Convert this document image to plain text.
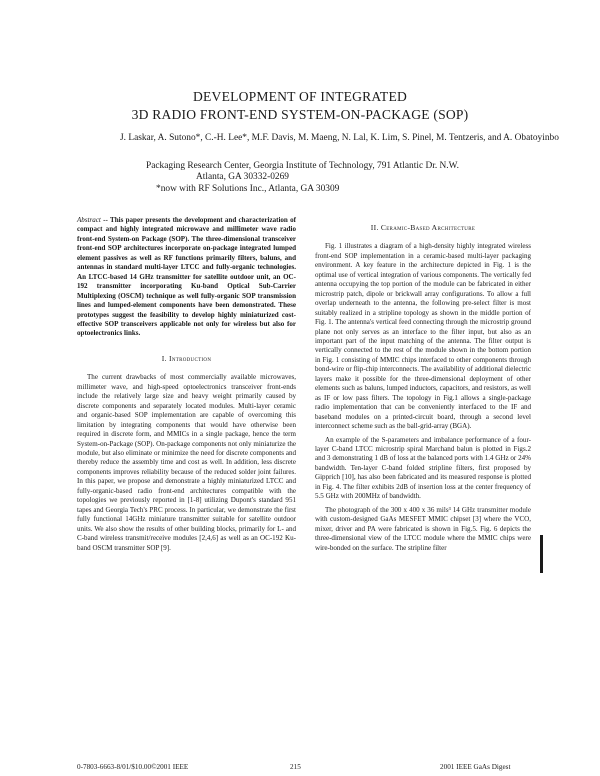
DEVELOPMENT OF INTEGRATED
3D RADIO FRONT-END SYSTEM-ON-PACKAGE (SOP)
J. Laskar, A. Sutono*, C.-H. Lee*, M.F. Davis, M. Maeng, N. Lal, K. Lim, S. Pinel, M. Tentzeris, and A. Obatoyinbo
Packaging Research Center, Georgia Institute of Technology, 791 Atlantic Dr. N.W.
Atlanta, GA 30332-0269
*now with RF Solutions Inc., Atlanta, GA 30309

Abstract -- This paper presents the development and characterization of compact and highly integrated microwave and millimeter wave radio front-end System-on Package (SOP). The three-dimensional transceiver front-end SOP architectures incorporate on-package integrated lumped element passives as well as RF functions primarily filters, baluns, and antennas in standard multi-layer LTCC and fully-organic technologies. An LTCC-based 14 GHz transmitter for satellite outdoor unit, an OC-192 transmitter incorporating Ku-band Optical Sub-Carrier Multiplexing (OSCM) technique as well fully-organic SOP transmission lines and lumped-element components have been demonstrated. These prototypes suggest the feasibility to develop highly miniaturized cost-effective SOP transceivers applicable not only for wireless but also for optoelectronics links.

I. Introduction

The current drawbacks of most commercially available microwaves, millimeter wave, and high-speed optoelectronics transceiver front-ends include the relatively large size and heavy weight primarily caused by discrete components and separately located modules. Multi-layer ceramic and organic-based SOP implementation are capable of overcoming this limitation by integrating components that would have otherwise been required in discrete form, and MMICs in a single package, hence the term System-on-Package (SOP). On-package components not only miniaturize the module, but also eliminate or minimize the need for discrete components and thereby reduce the assembly time and cost as well. In addition, less discrete components improves reliability because of the reduced solder joint failures. In this paper, we propose and demonstrate a highly miniaturized LTCC and fully-organic-based radio front-end architectures compatible with the topologies we previously reported in [1-8] utilizing Dupont's standard 951 tapes and Georgia Tech's PRC process. In particular, we demonstrate the first fully functional 14GHz miniature transmitter suitable for satellite outdoor units. We also show the results of other building blocks, primarily for L- and C-band wireless transmit/receive modules [2,4,6] as well as an OC-192 Ku-band OSCM transmitter SOP [9].

II. Ceramic-Based Architecture

Fig. 1 illustrates a diagram of a high-density highly integrated wireless front-end SOP implementation in a ceramic-based multi-layer packaging environment. A key feature in the architecture depicted in Fig. 1 is the optimal use of vertical integration of various components. The vertically fed antenna occupying the top portion of the module can be fabricated in either microstrip patch, dipole or brickwall array configurations. To allow a full overlap underneath to the antenna, the following pre-select filter is most suitably realized in a stripline topology as shown in the middle portion of Fig. 1. The antenna's vertical feed connecting through the microstrip ground plane not only serves as an interface to the filter input, but also as an important part of the input matching of the antenna. The filter output is vertically connected to the rest of the module shown in the bottom portion in Fig. 1 consisting of MMIC chips interfaced to other components through bond-wire or flip-chip interconnects. The availability of additional dielectric layers make it possible for the three-dimensional deployment of other elements such as baluns, lumped inductors, capacitors, and resistors, as well as IF or low pass filters. The topology in Fig.1 allows a single-package radio implementation that can be conveniently interfaced to the IF and baseband modules on a printed-circuit board, through a second level interconnect scheme such as the ball-grid-array (BGA).

An example of the S-parameters and imbalance performance of a four-layer C-band LTCC microstrip spiral Marchand balun is plotted in Figs.2 and 3 demonstrating 1 dB of loss at the balanced ports with 1.4 GHz or 24% bandwidth. Ten-layer C-band folded stripline filters, first proposed by Gipprich [10], has also been fabricated and its measured response is plotted in Fig. 4. The filter exhibits 2dB of insertion loss at the center frequency of 5.5 GHz with 200MHz of bandwidth.

The photograph of the 300 x 400 x 36 mils³ 14 GHz transmitter module with custom-designed GaAs MESFET MMIC chipset [3] where the VCO, mixer, driver and PA were fabricated is shown in Fig.5. Fig. 6 depicts the three-dimensional view of the LTCC module where the MMIC chips were wire-bonded on the surface. The stripline filter

0-7803-6663-8/01/$10.00©2001 IEEE	215	2001 IEEE GaAs Digest
